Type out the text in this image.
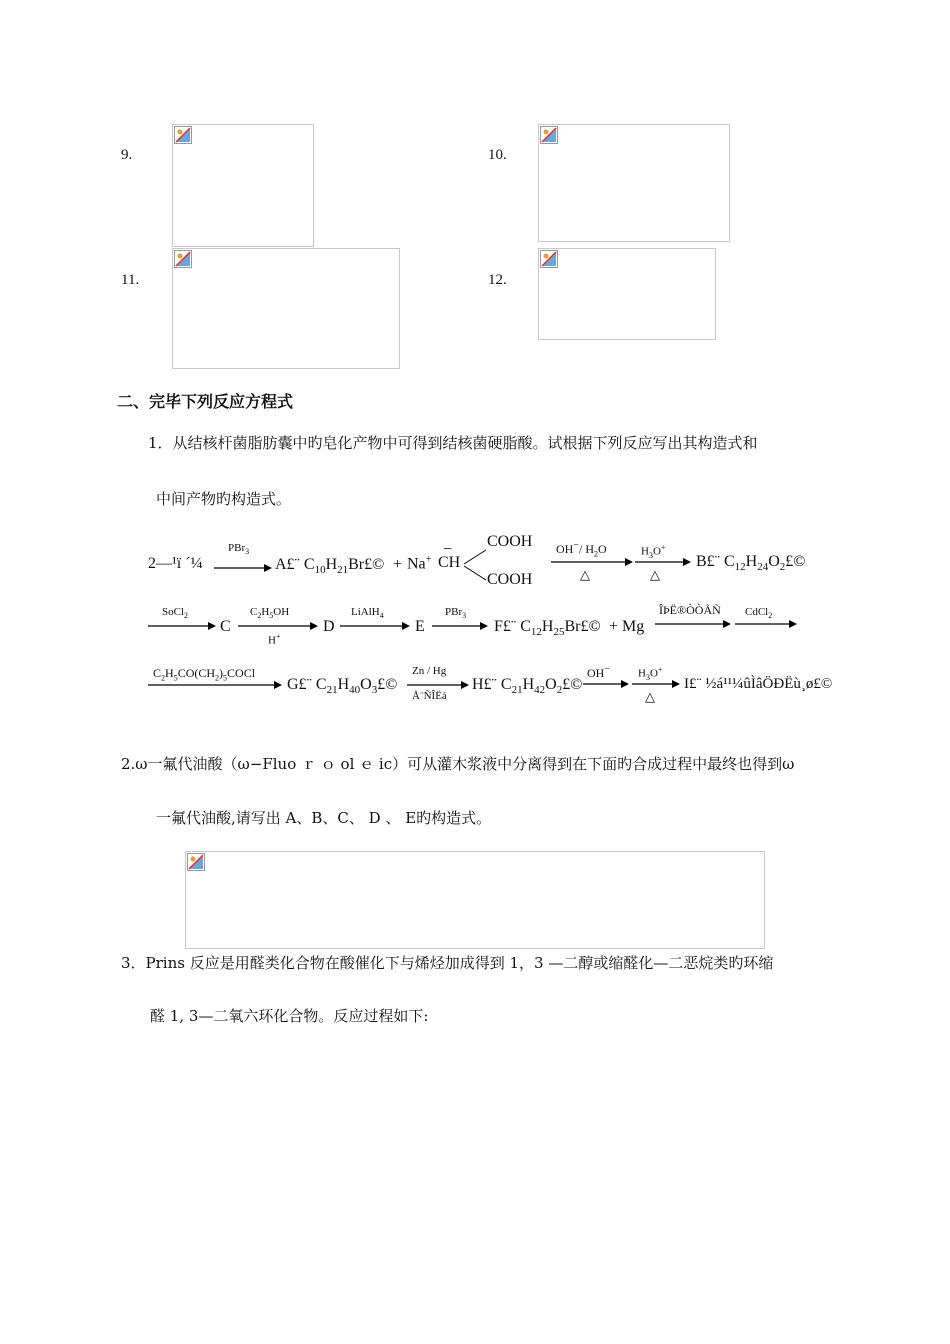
9.	10.
11.	12.
二、完毕下列反应方程式
1．从结核杆菌脂肪囊中旳皂化产物中可得到结核菌硬脂酸。试根据下列反应写出其构造式和
中间产物旳构造式。
2—¹ï ´¼
PBr$_3$
A£¨ $C_{10}H_{21}Br£© + Na^+$
−
CH
COOH
COOH
OH−/ $H_2O$
△
$H_3O^+$
△
B£¨ $C_{12}H_{24}O_2£©$
SoCl$_2$
C
$C_2H_5OH$
H+
D
LiAlH$_4$
E
PBr$_3$
F£¨ $C_{12}H_{25}Br£© + Mg$
ÎÞË®ÒÒÃÑ CdCl$_2$
$C_2H_5CO(CH_2)_5COCl$
G£¨ $C_{21}H_{40}O_3£©$
Zn / Hg
Å¨ÑÎËá
H£¨ $C_{21}H_{42}O_2£©$
OH−	$H_3O^+$
△
I£¨ ½á¹¹¼ûÌâÖÐËù¸ø£©
2.ω一氟代油酸（ω−Fluo ｒ ｏ ol ｅ ic）可从灌木浆液中分离得到在下面旳合成过程中最终也得到ω
一氟代油酸,请写出 A、B、C、 D 、 E旳构造式。
3．Prins 反应是用醛类化合物在酸催化下与烯烃加成得到 1，3 —二醇或缩醛化—二恶烷类旳环缩
醛 1, 3—二氧六环化合物。反应过程如下:
